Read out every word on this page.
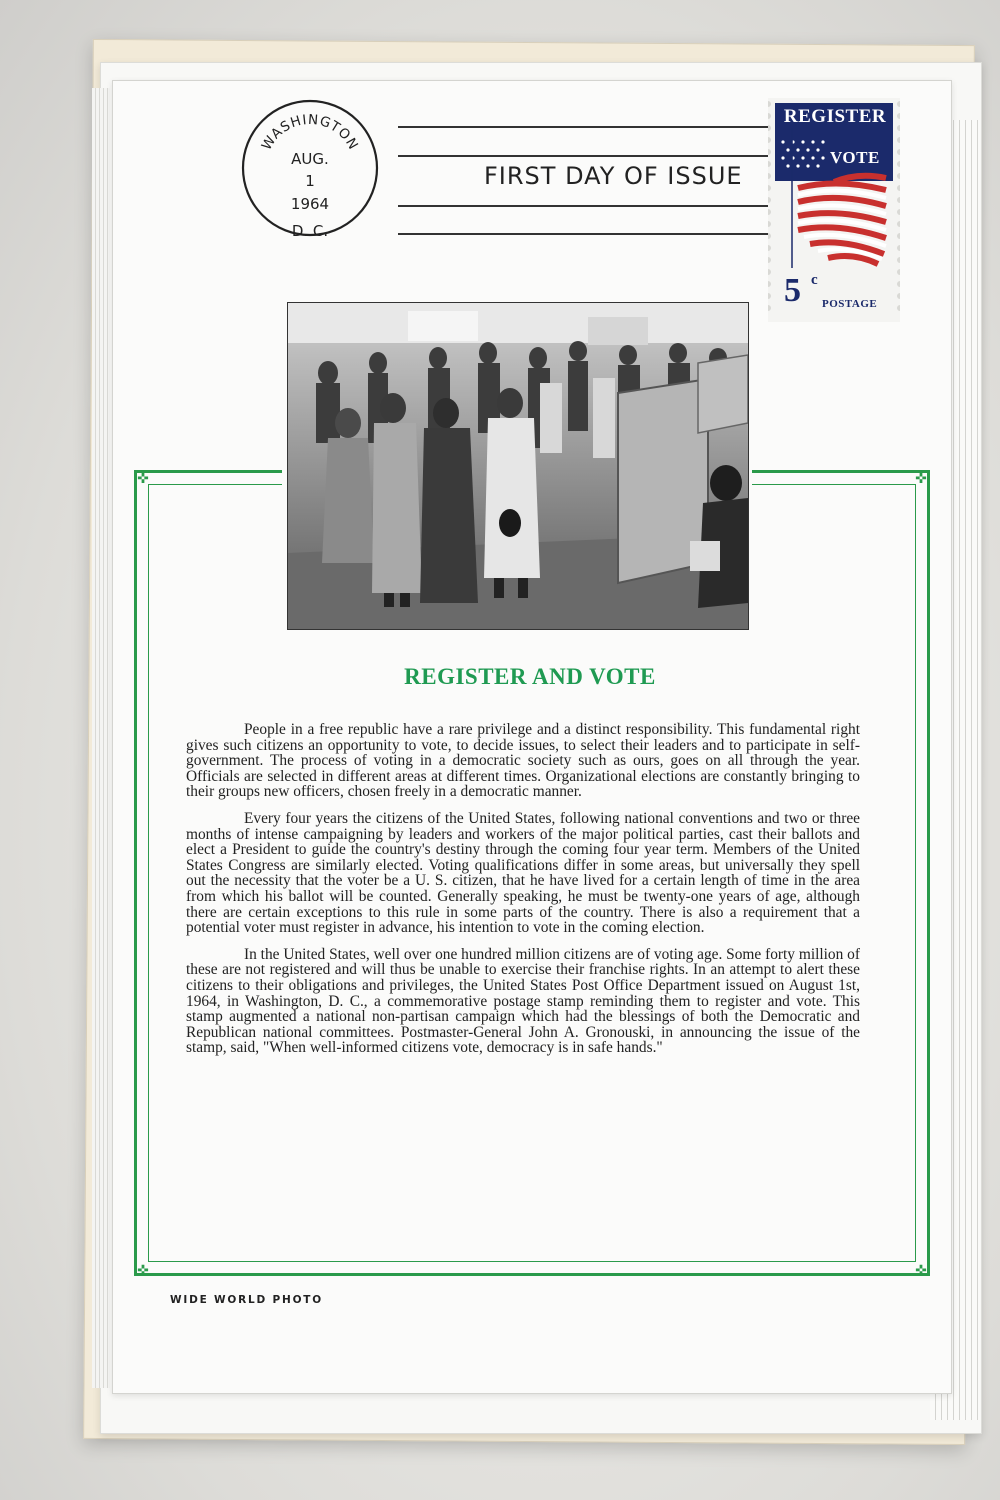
WASHINGTON
AUG.
1
1964
D. C.
FIRST DAY OF ISSUE
REGISTER
VOTE
5 c
POSTAGE
✜	✜
✜	✜
REGISTER AND VOTE

People in a free republic have a rare privilege and a distinct responsibility. This fundamental right gives such citizens an opportunity to vote, to decide issues, to select their leaders and to participate in self-government. The process of voting in a democratic society such as ours, goes on all through the year. Officials are selected in different areas at different times. Organizational elections are constantly bringing to their groups new officers, chosen freely in a democratic manner.

Every four years the citizens of the United States, following national conventions and two or three months of intense campaigning by leaders and workers of the major political parties, cast their ballots and elect a President to guide the country's destiny through the coming four year term. Members of the United States Congress are similarly elected. Voting qualifications differ in some areas, but universally they spell out the necessity that the voter be a U. S. citizen, that he have lived for a certain length of time in the area from which his ballot will be counted. Generally speaking, he must be twenty-one years of age, although there are certain exceptions to this rule in some parts of the country. There is also a requirement that a potential voter must register in advance, his intention to vote in the coming election.

In the United States, well over one hundred million citizens are of voting age. Some forty million of these are not registered and will thus be unable to exercise their franchise rights. In an attempt to alert these citizens to their obligations and privileges, the United States Post Office Department issued on August 1st, 1964, in Washington, D. C., a commemorative postage stamp reminding them to register and vote. This stamp augmented a national non-partisan campaign which had the blessings of both the Democratic and Republican national committees. Postmaster-General John A. Gronouski, in announcing the issue of the stamp, said, "When well-informed citizens vote, democracy is in safe hands."

WIDE WORLD PHOTO
